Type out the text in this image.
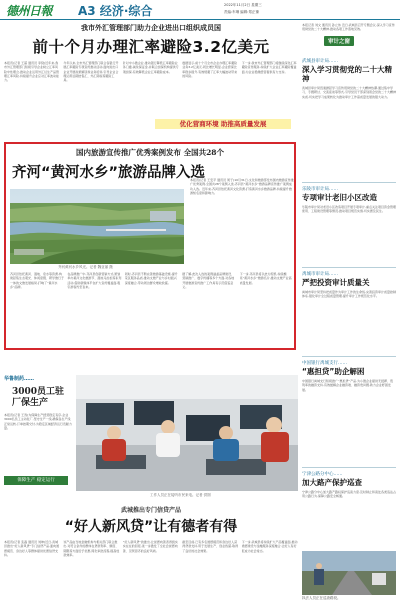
德州日報 A3 经济·综合	2022年11月2日 星期三
责编:车琳 编辑:郑正豫
我市外汇管理部门助力企业进出口组织成员国
前十个月办理汇率避险3.2亿美元
本报讯(记者 王超 通讯员 李骁)近年来,我市外汇管理部门积极引导企业树立汇率风险中性理念,推动企业运用外汇衍生产品管理汇率风险,持续提升企业应对汇率波动能力。
今年以来,全市外汇管理部门联合各银行开展汇率避险专项宣传推动活动,面向进出口企业开展政策解读和业务培训,引导企业合理运用远期结售汇、外汇期权等避险工具。
针对中小微企业,推动银行降低汇率避险业务门槛,减免保证金,并联合担保机构提供专项担保,有效降低企业汇率避险成本。
数据显示,前十个月全市企业办理汇率避险业务3.2亿美元,同比增长明显,企业套保比率稳步提升,有效规避了汇率大幅波动带来的风险。
下一步,我市外汇管理部门将继续深化汇率避险宣传服务,持续扩大企业汇率避险覆盖面,为企业稳健经营提供有力支持。
优化营商环境 助推高质量发展
国内旅游宣传推广优秀案例发布 全国共28个
齐河“黄河水乡”旅游品牌入选
齐河黄河水乡风光。记者 魏亚丽 摄
本报讯(记者 王安平 通讯员 周子)10月31日,文化和旅游部发布国内旅游宣传推广优秀案例,全国共28个案例入选,齐河县“黄河水乡”旅游品牌宣传推广案例成功入选。近年来,齐河县依托黄河文化资源,打造黄河水乡旅游品牌,持续提升旅游知名度和影响力。
齐河县依托黄河、湿地、泉水等资源,构建起集生态观光、休闲度假、研学旅行于一体的文旅发展格局,打响了“黄河水乡”品牌。
在品牌推广中,齐河县创新营销方式,策划举办黄河文化旅游节、湿地马拉松等系列活动,借助新媒体平台扩大宣传覆盖面,吸引游客纷至沓来。
同时,齐河县不断完善旅游基础设施,提升景区服务品质,推动文旅产业与乡村振兴深度融合,带动周边群众增收致富。
据了解,此次入选的案例涵盖品牌建设、营销推广、数字传播等多个方面,对各地开展旅游宣传推广工作具有示范借鉴意义。
下一步,齐河县将以此为契机,持续擦亮“黄河水乡”旅游名片,推动文旅产业高质量发展。
华鲁制药……
3000员工驻厂保生产
本报讯(记者 王涛)为保障生产经营稳定有序,企业3000名员工主动驻厂,坚守生产一线,确保各生产线正常运转,订单按期交付,为稳定区域经济运行贡献力量。
保障生产 稳定运行
工作人员正在接听市民来电。记者 供图
武城推出专门信贷产品
“好人新风贷”让有德者有得
本报讯(记者 张磊 通讯员 刘坤)近日,武城县推出“好人新风贷”专门信贷产品,面向道德模范、身边好人等群体提供优惠信贷支持。
该产品由当地金融机构与相关部门联合推出,对符合条件的群体在贷款利率、额度、期限等方面给予优惠,简化审批流程,提高放款效率。
“好人新风贷”的推出,让崇德向善者得到实实在在的回报,进一步激发了全社会崇德向善、见贤思齐的良好风尚。
截至目前,已有多名道德模范和身边好人获得贷款支持,用于发展生产、创业致富,取得了良好的社会效果。
下一步,武城县将持续扩大产品覆盖面,推动道德建设与金融服务深度融合,让好人有好报成为社会常态。
本报记者 刘文 通讯员 孙立伟 近日,武城县召开专题会议,深入学习宣传贯彻党的二十大精神,推动各项工作落地见效。
审计之窗
武城县审计局……
深入学习贯彻党的二十大精神
武城县审计局迅速掀起学习宣传贯彻党的二十大精神热潮,通过集中学习、专题研讨、交流座谈等形式,引导党员干部深刻领会党的二十大精神实质,切实把学习成果转化为推动审计工作高质量发展的强大动力。
乐陵市审计局……
专项审计老旧小区改造
乐陵市审计局对老旧小区改造项目开展专项审计,重点关注项目资金管理使用、工程建设管理等情况,推动项目规范实施,切实惠及民生。
禹城市审计局……
严把投资审计质量关
禹城市审计局坚持把质量作为审计工作的生命线,完善投资审计质量控制体系,强化审计全过程质量管理,提升审计工作规范化水平。
中国银行禹城支行……
“惠担贷”助企解困
中国银行禹城支行积极推广“惠担贷”产品,为小微企业提供无抵押、低利率的融资支持,有效缓解企业融资难、融资贵问题,助力企业纾困发展。
宁津公路分中心……
加大路产保护巡查
宁津公路分中心加大路产路权保护巡查力度,及时制止和查处各类违法占用公路行为,保障公路安全畅通。
执法人员正在巡查路段。
